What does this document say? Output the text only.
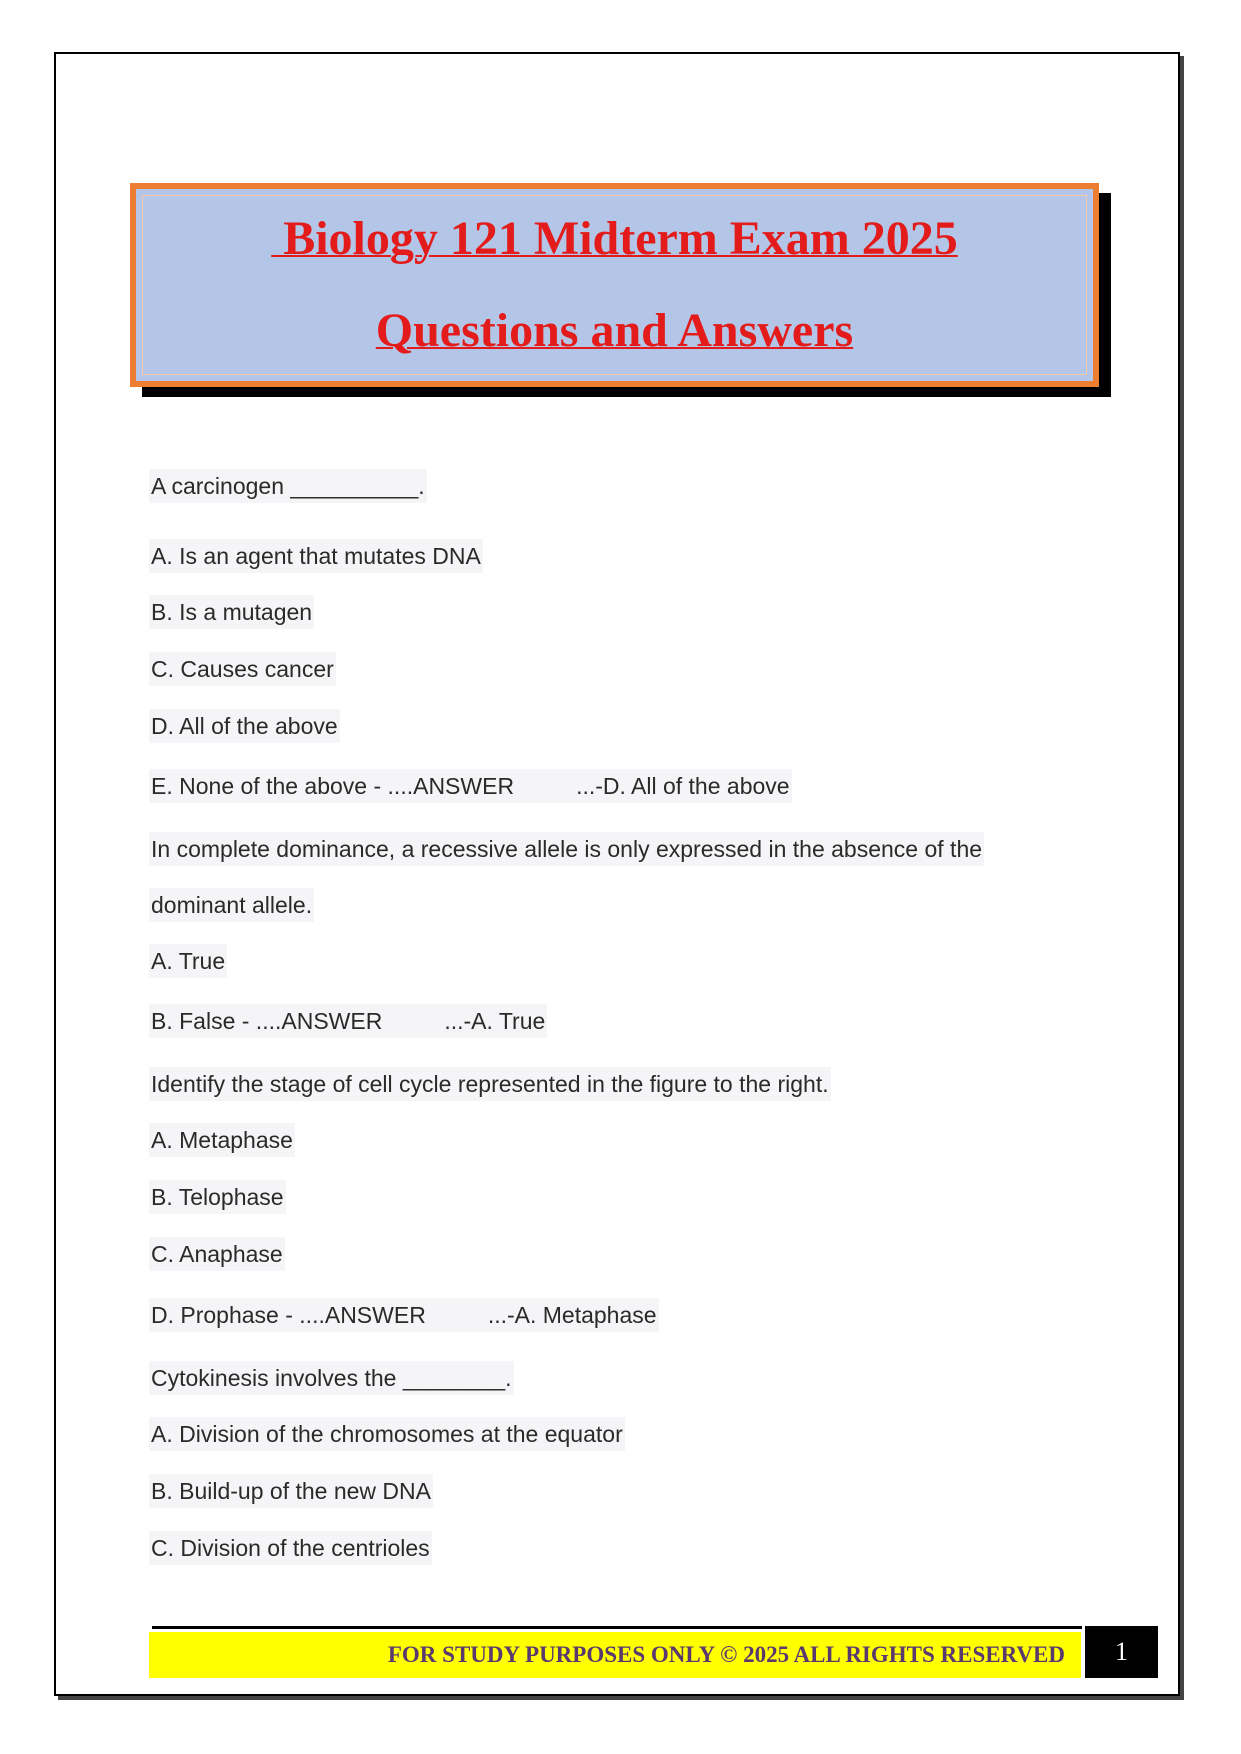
Biology 121 Midterm Exam 2025
Questions and Answers
A carcinogen __________.
A. Is an agent that mutates DNA
B. Is a mutagen
C. Causes cancer
D. All of the above
E. None of the above - ....ANSWER	...-D. All of the above
In complete dominance, a recessive allele is only expressed in the absence of the
dominant allele.
A. True
B. False - ....ANSWER	...-A. True
Identify the stage of cell cycle represented in the figure to the right.
A. Metaphase
B. Telophase
C. Anaphase
D. Prophase - ....ANSWER	...-A. Metaphase
Cytokinesis involves the ________.
A. Division of the chromosomes at the equator
B. Build-up of the new DNA
C. Division of the centrioles
FOR STUDY PURPOSES ONLY © 2025 ALL RIGHTS RESERVED	1
